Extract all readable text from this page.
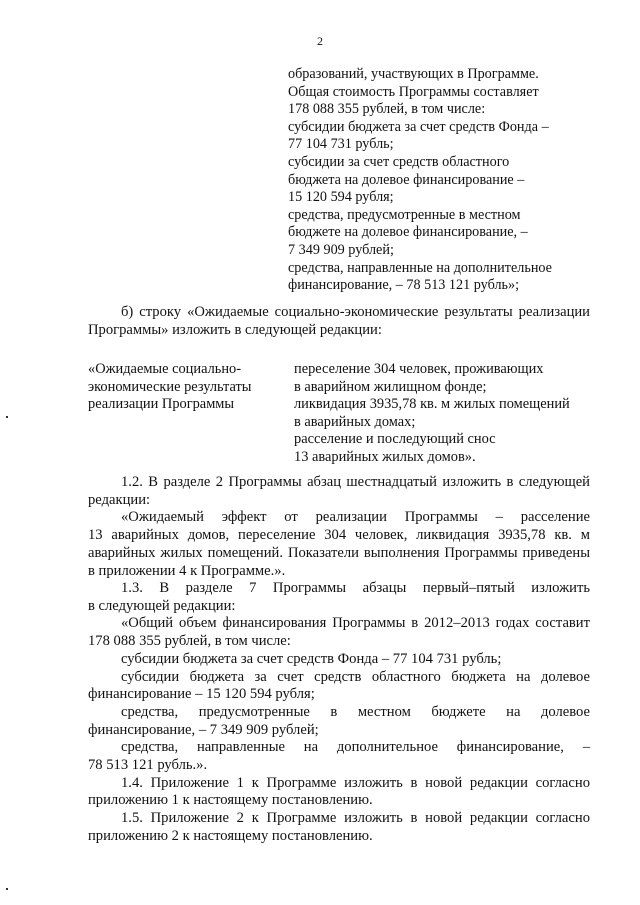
2
образований, участвующих в Программе.
Общая стоимость Программы составляет
178 088 355 рублей, в том числе:
субсидии бюджета за счет средств Фонда –
77 104 731 рубль;
субсидии за счет средств областного
бюджета на долевое финансирование –
15 120 594 рубля;
средства, предусмотренные в местном
бюджете на долевое финансирование, –
7 349 909 рублей;
средства, направленные на дополнительное
финансирование, – 78 513 121 рубль»;
б) строку «Ожидаемые социально-экономические результаты реализации
Программы» изложить в следующей редакции:
«Ожидаемые социально-
экономические результаты
реализации Программы
переселение 304 человек, проживающих
в аварийном жилищном фонде;
ликвидация 3935,78 кв. м жилых помещений
в аварийных домах;
расселение и последующий снос
13 аварийных жилых домов».
1.2. В разделе 2 Программы абзац шестнадцатый изложить в следующей
редакции:
«Ожидаемый эффект от реализации Программы – расселение
13 аварийных домов, переселение 304 человек, ликвидация 3935,78 кв. м
аварийных жилых помещений. Показатели выполнения Программы приведены
в приложении 4 к Программе.».
1.3. В разделе 7 Программы абзацы первый–пятый изложить
в следующей редакции:
«Общий объем финансирования Программы в 2012–2013 годах составит
178 088 355 рублей, в том числе:
субсидии бюджета за счет средств Фонда – 77 104 731 рубль;
субсидии бюджета за счет средств областного бюджета на долевое
финансирование – 15 120 594 рубля;
средства, предусмотренные в местном бюджете на долевое
финансирование, – 7 349 909 рублей;
средства, направленные на дополнительное финансирование, –
78 513 121 рубль.».
1.4. Приложение 1 к Программе изложить в новой редакции согласно
приложению 1 к настоящему постановлению.
1.5. Приложение 2 к Программе изложить в новой редакции согласно
приложению 2 к настоящему постановлению.
